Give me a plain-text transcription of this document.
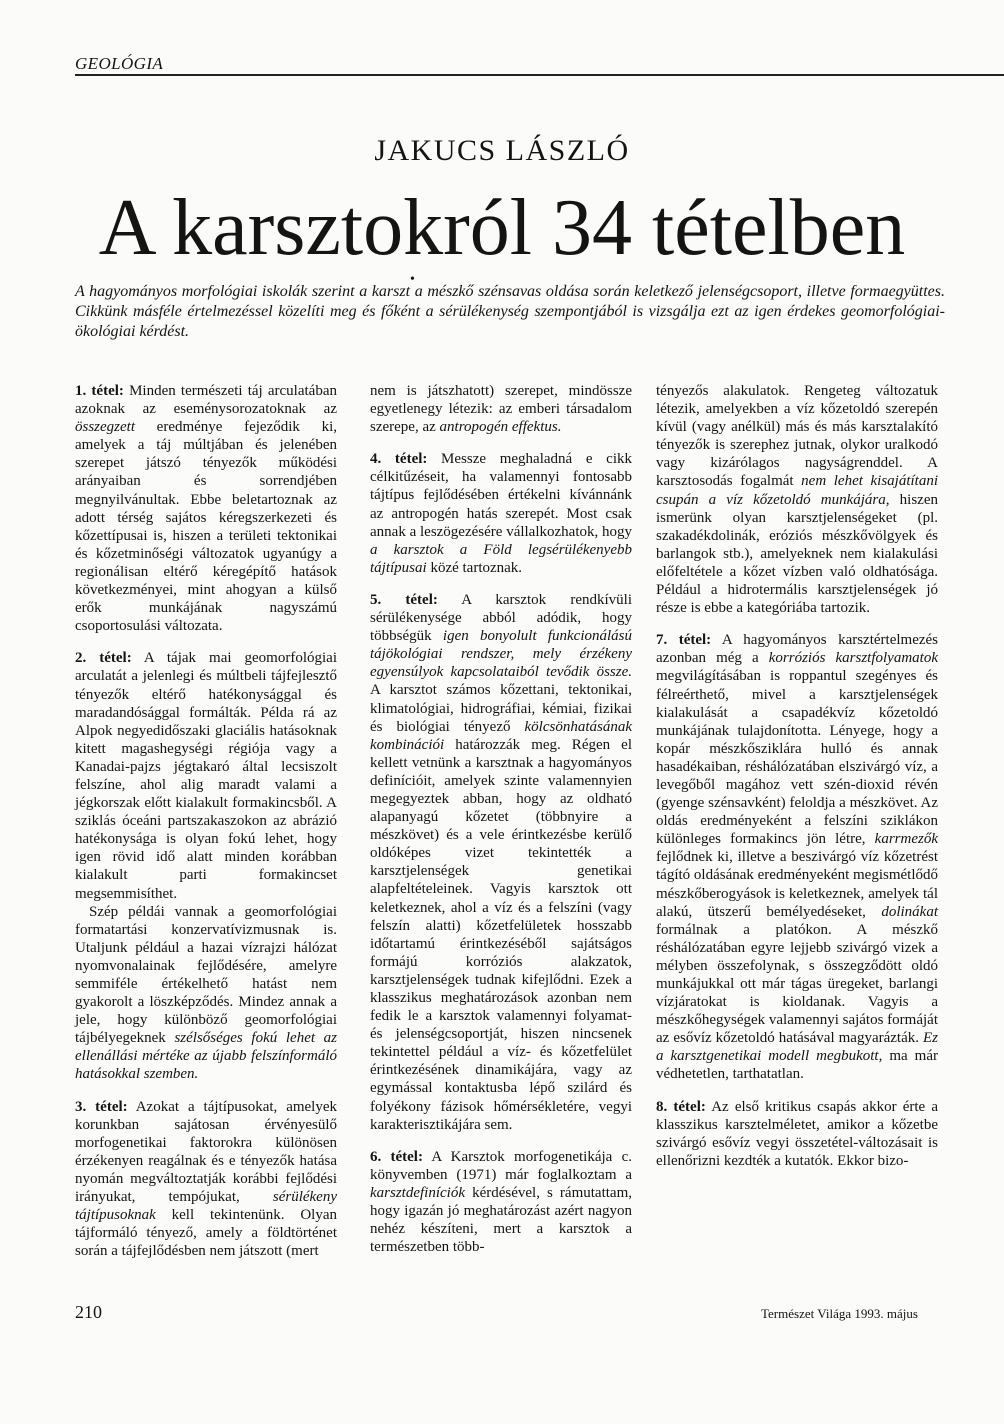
GEOLÓGIA
JAKUCS LÁSZLÓ
A karsztokról 34 tételben
•
A hagyományos morfológiai iskolák szerint a karszt a mészkő szénsavas oldása során keletkező jelenségcsoport, illetve formaegyüttes. Cikkünk másféle értelmezéssel közelíti meg és főként a sérülékenység szempontjából is vizsgálja ezt az igen érdekes geomorfológiai-ökológiai kérdést.

1. tétel: Minden természeti táj arculatában azoknak az eseménysorozatoknak az összegzett eredménye fejeződik ki, amelyek a táj múltjában és jelenében szerepet játszó tényezők működési arányaiban és sorrendjében megnyilvánultak. Ebbe beletartoznak az adott térség sajátos kéregszerkezeti és kőzettípusai is, hiszen a területi tektonikai és kőzetminőségi változatok ugyanúgy a regionálisan eltérő kéregépítő hatások következményei, mint ahogyan a külső erők munkájának nagyszámú csoportosulási változata.

2. tétel: A tájak mai geomorfológiai arculatát a jelenlegi és múltbeli tájfejlesztő tényezők eltérő hatékonysággal és maradandósággal formálták. Példa rá az Alpok negyedidőszaki glaciális hatásoknak kitett magashegységi régiója vagy a Kanadai-pajzs jégtakaró által lecsiszolt felszíne, ahol alig maradt valami a jégkorszak előtt kialakult formakincsből. A sziklás óceáni partszakaszokon az abrázió hatékonysága is olyan fokú lehet, hogy igen rövid idő alatt minden korábban kialakult parti formakincset megsemmisíthet.

Szép példái vannak a geomorfológiai formatartási konzervatívizmusnak is. Utaljunk például a hazai vízrajzi hálózat nyomvonalainak fejlődésére, amelyre semmiféle értékelhető hatást nem gyakorolt a löszképződés. Mindez annak a jele, hogy különböző geomorfológiai tájbélyegeknek szélsőséges fokú lehet az ellenállási mértéke az újabb felszínformáló hatásokkal szemben.

3. tétel: Azokat a tájtípusokat, amelyek korunkban sajátosan érvényesülő morfogenetikai faktorokra különösen érzékenyen reagálnak és e tényezők hatása nyomán megváltoztatják korábbi fejlődési irányukat, tempójukat, sérülékeny tájtípusoknak kell tekintenünk. Olyan tájformáló tényező, amely a földtörténet során a tájfejlődésben nem játszott (mert

nem is játszhatott) szerepet, mindössze egyetlenegy létezik: az emberi társadalom szerepe, az antropogén effektus.

4. tétel: Messze meghaladná e cikk célkitűzéseit, ha valamennyi fontosabb tájtípus fejlődésében értékelni kívánnánk az antropogén hatás szerepét. Most csak annak a leszögezésére vállalkozhatok, hogy a karsztok a Föld legsérülékenyebb tájtípusai közé tartoznak.

5. tétel: A karsztok rendkívüli sérülékenysége abból adódik, hogy többségük igen bonyolult funkcionálású tájökológiai rendszer, mely érzékeny egyensúlyok kapcsolataiból tevődik össze. A karsztot számos kőzettani, tektonikai, klimatológiai, hidrográfiai, kémiai, fizikai és biológiai tényező kölcsönhatásának kombinációi határozzák meg. Régen el kellett vetnünk a karsztnak a hagyományos definícióit, amelyek szinte valamennyien megegyeztek abban, hogy az oldható alapanyagú kőzetet (többnyire a mészkövet) és a vele érintkezésbe kerülő oldóképes vizet tekintették a karsztjelenségek genetikai alapfeltételeinek. Vagyis karsztok ott keletkeznek, ahol a víz és a felszíni (vagy felszín alatti) kőzetfelületek hosszabb időtartamú érintkezéséből sajátságos formájú korróziós alakzatok, karsztjelenségek tudnak kifejlődni. Ezek a klasszikus meghatározások azonban nem fedik le a karsztok valamennyi folyamat- és jelenségcsoportját, hiszen nincsenek tekintettel például a víz- és kőzetfelület érintkezésének dinamikájára, vagy az egymással kontaktusba lépő szilárd és folyékony fázisok hőmérsékletére, vegyi karakterisztikájára sem.

6. tétel: A Karsztok morfogenetikája c. könyvemben (1971) már foglalkoztam a karsztdefiníciók kérdésével, s rámutattam, hogy igazán jó meghatározást azért nagyon nehéz készíteni, mert a karsztok a természetben több-

tényezős alakulatok. Rengeteg változatuk létezik, amelyekben a víz kőzetoldó szerepén kívül (vagy anélkül) más és más karsztalakító tényezők is szerephez jutnak, olykor uralkodó vagy kizárólagos nagyságrenddel. A karsztosodás fogalmát nem lehet kisajátítani csupán a víz kőzetoldó munkájára, hiszen ismerünk olyan karsztjelenségeket (pl. szakadékdolinák, eróziós mészkővölgyek és barlangok stb.), amelyeknek nem kialakulási előfeltétele a kőzet vízben való oldhatósága. Például a hidrotermális karsztjelenségek jó része is ebbe a kategóriába tartozik.

7. tétel: A hagyományos karsztértelmezés azonban még a korróziós karsztfolyamatok megvilágításában is roppantul szegényes és félreérthető, mivel a karsztjelenségek kialakulását a csapadékvíz kőzetoldó munkájának tulajdonította. Lényege, hogy a kopár mészkősziklára hulló és annak hasadékaiban, réshálózatában elszivárgó víz, a levegőből magához vett szén-dioxid révén (gyenge szénsavként) feloldja a mészkövet. Az oldás eredményeként a felszíni sziklákon különleges formakincs jön létre, karrmezők fejlődnek ki, illetve a beszivárgó víz kőzetrést tágító oldásának eredményeként megismétlődő mészkőberogyások is keletkeznek, amelyek tál alakú, ütszerű bemélyedéseket, dolinákat formálnak a platókon. A mészkő réshálózatában egyre lejjebb szivárgó vizek a mélyben összefolynak, s összegződött oldó munkájukkal ott már tágas üregeket, barlangi vízjáratokat is kioldanak. Vagyis a mészkőhegységek valamennyi sajátos formáját az esővíz kőzetoldó hatásával magyarázták. Ez a karsztgenetikai modell megbukott, ma már védhetetlen, tarthatatlan.

8. tétel: Az első kritikus csapás akkor érte a klasszikus karsztelméletet, amikor a kőzetbe szivárgó esővíz vegyi összetétel-változásait is ellenőrizni kezdték a kutatók. Ekkor bizo-

210	Természet Világa 1993. május
